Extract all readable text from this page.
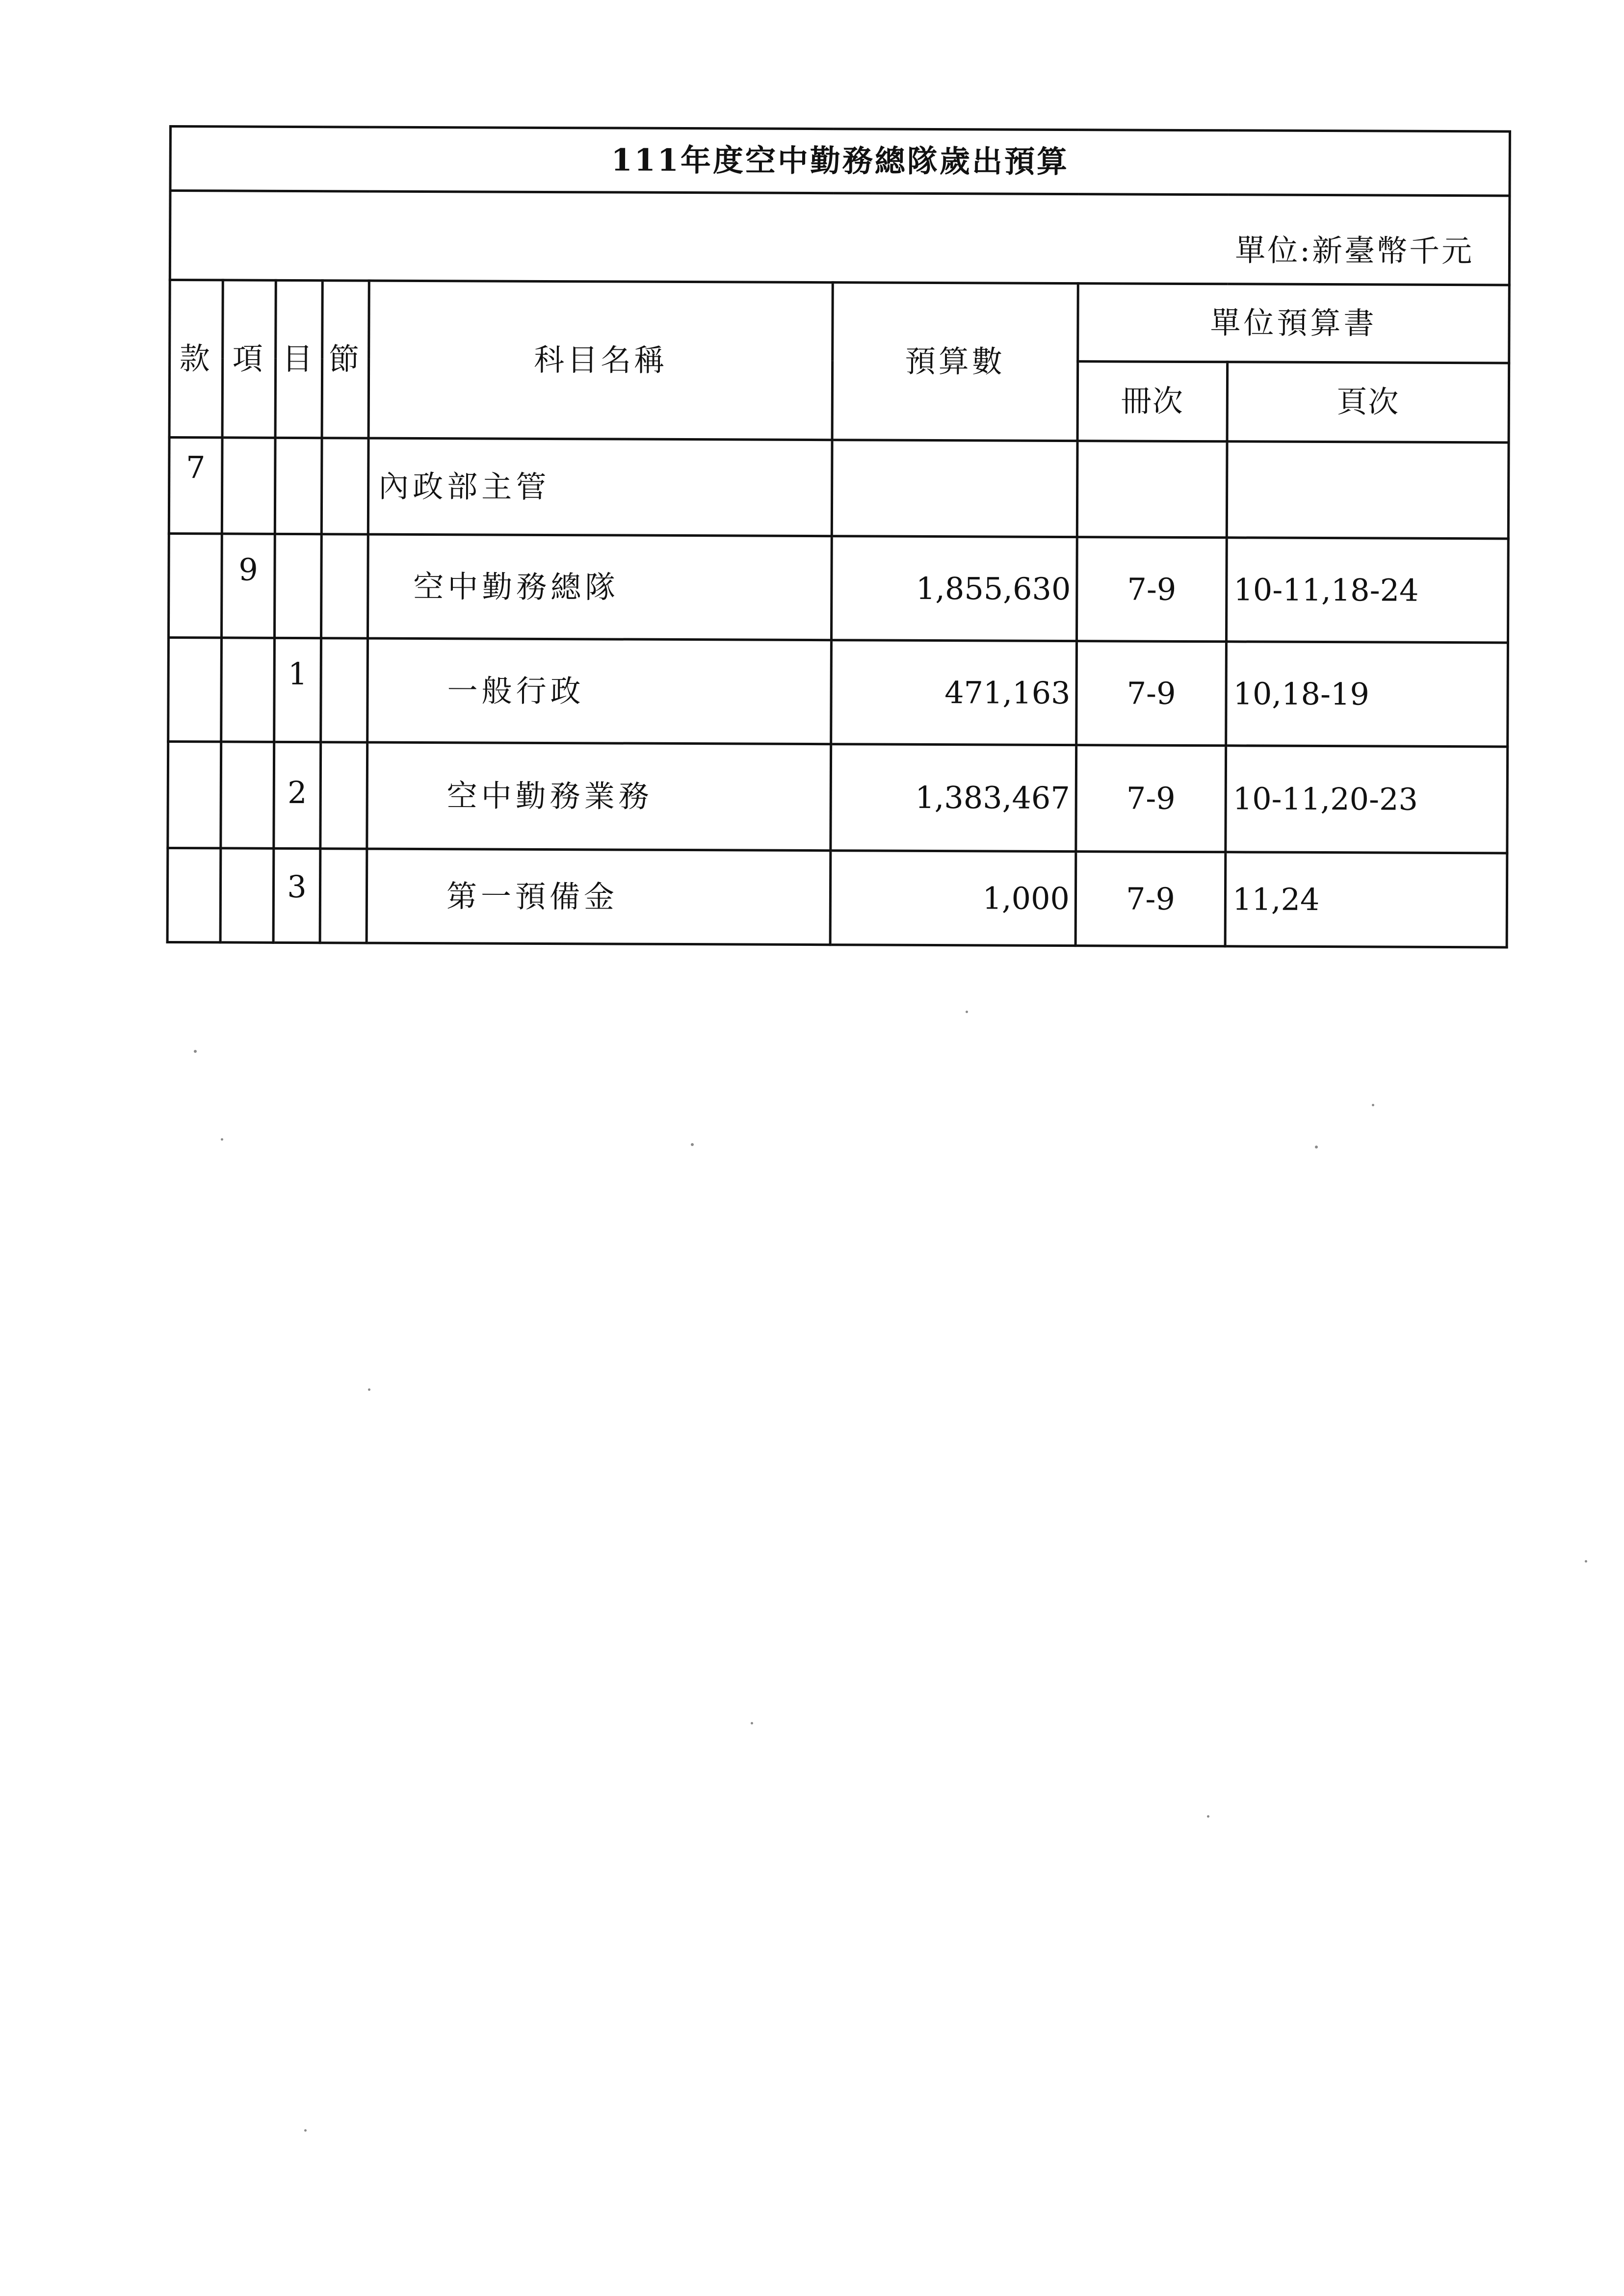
111年度空中勤務總隊歲出預算							
單位:新臺幣千元							
款	項	目	節	科目名稱	預算數	單位預算書	
						冊次	頁次
7				內政部主管			
	9			空中勤務總隊	1,855,630	7-9	10-11,18-24
		1		一般行政	471,163	7-9	10,18-19
		2		空中勤務業務	1,383,467	7-9	10-11,20-23
		3		第一預備金	1,000	7-9	11,24
